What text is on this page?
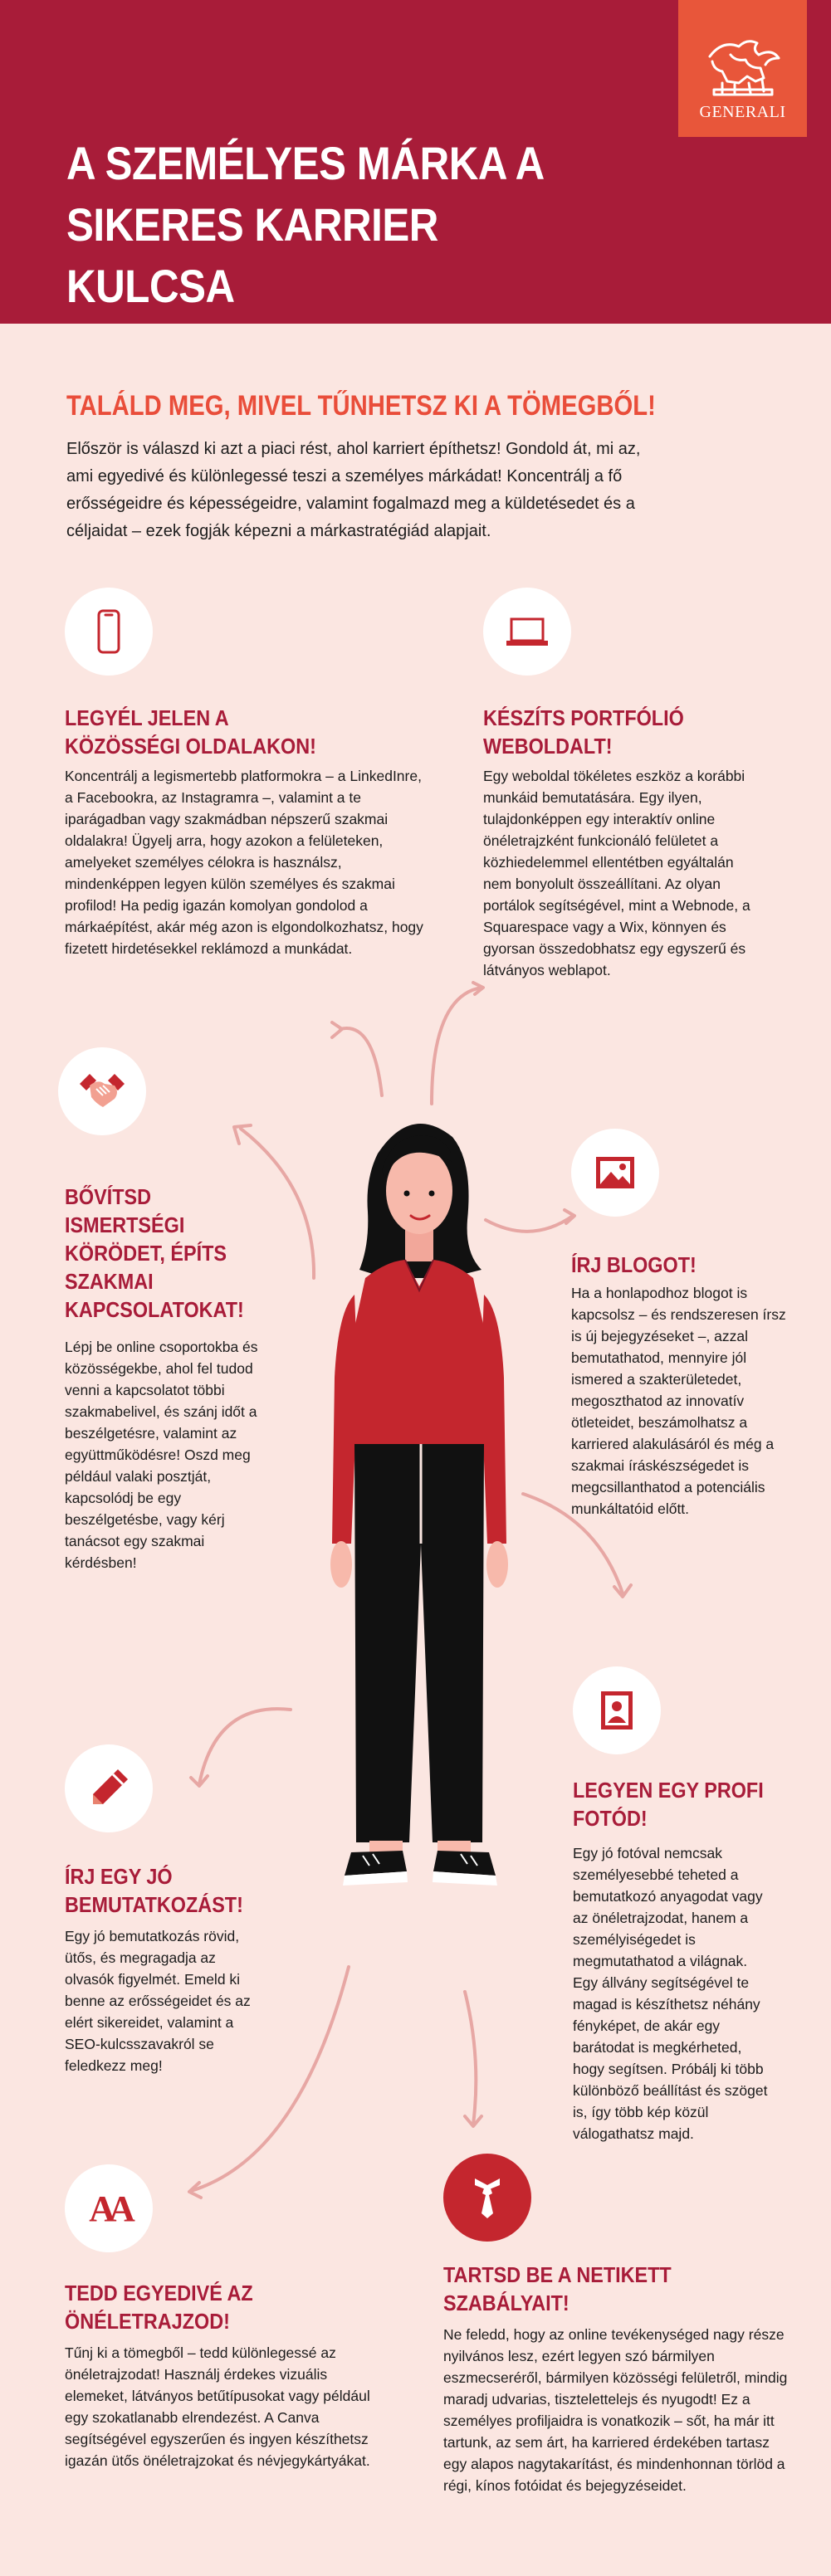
GENERALI
A SZEMÉLYES MÁRKA A
SIKERES KARRIER KULCSA
TALÁLD MEG, MIVEL TŰNHETSZ KI A TÖMEGBŐL!
Először is válaszd ki azt a piaci rést, ahol karriert építhetsz! Gondold át, mi az, ami egyedivé és különlegessé teszi a személyes márkádat! Koncentrálj a fő erősségeidre és képességeidre, valamint fogalmazd meg a küldetésedet és a céljaidat – ezek fogják képezni a márkastratégiád alapjait.
LEGYÉL JELEN A
KÖZÖSSÉGI OLDALAKON!
Koncentrálj a legismertebb platformokra – a LinkedInre, a Facebookra, az Instagramra –, valamint a te iparágadban vagy szakmádban népszerű szakmai oldalakra! Ügyelj arra, hogy azokon a felületeken, amelyeket személyes célokra is használsz, mindenképpen legyen külön személyes és szakmai profilod! Ha pedig igazán komolyan gondolod a márkaépítést, akár még azon is elgondolkozhatsz, hogy fizetett hirdetésekkel reklámozd a munkádat.
KÉSZÍTS PORTFÓLIÓ
WEBOLDALT!
Egy weboldal tökéletes eszköz a korábbi munkáid bemutatására. Egy ilyen, tulajdonképpen egy interaktív online önéletrajzként funkcionáló felületet a közhiedelemmel ellentétben egyáltalán nem bonyolult összeállítani. Az olyan portálok segítségével, mint a Webnode, a Squarespace vagy a Wix, könnyen és gyorsan összedobhatsz egy egyszerű és látványos weblapot.
BŐVÍTSD
ISMERTSÉGI
KÖRÖDET, ÉPÍTS
SZAKMAI
KAPCSOLATOKAT!
Lépj be online csoportokba és közösségekbe, ahol fel tudod venni a kapcsolatot többi szakmabelivel, és szánj időt a beszélgetésre, valamint az együttműködésre! Oszd meg például valaki posztját, kapcsolódj be egy beszélgetésbe, vagy kérj tanácsot egy szakmai kérdésben!
ÍRJ BLOGOT!
Ha a honlapodhoz blogot is kapcsolsz – és rendszeresen írsz is új bejegyzéseket –, azzal bemutathatod, mennyire jól ismered a szakterületedet, megoszthatod az innovatív ötleteidet, beszámolhatsz a karriered alakulásáról és még a szakmai íráskészségedet is megcsillanthatod a potenciális munkáltatóid előtt.
LEGYEN EGY PROFI
FOTÓD!
Egy jó fotóval nemcsak személyesebbé teheted a bemutatkozó anyagodat vagy az önéletrajzodat, hanem a személyiségedet is megmutathatod a világnak. Egy állvány segítségével te magad is készíthetsz néhány fényképet, de akár egy barátodat is megkérheted, hogy segítsen. Próbálj ki több különböző beállítást és szöget is, így több kép közül válogathatsz majd.
ÍRJ EGY JÓ
BEMUTATKOZÁST!
Egy jó bemutatkozás rövid, ütős, és megragadja az olvasók figyelmét. Emeld ki benne az erősségeidet és az elért sikereidet, valamint a SEO-kulcsszavakról se feledkezz meg!
AA
TEDD EGYEDIVÉ AZ
ÖNÉLETRAJZOD!
Tűnj ki a tömegből – tedd különlegessé az önéletrajzodat! Használj érdekes vizuális elemeket, látványos betűtípusokat vagy például egy szokatlanabb elrendezést. A Canva segítségével egyszerűen és ingyen készíthetsz igazán ütős önéletrajzokat és névjegykártyákat.
TARTSD BE A NETIKETT
SZABÁLYAIT!
Ne feledd, hogy az online tevékenységed nagy része nyilvános lesz, ezért legyen szó bármilyen eszmecseréről, bármilyen közösségi felületről, mindig maradj udvarias, tisztelettelejs és nyugodt! Ez a személyes profiljaidra is vonatkozik – sőt, ha már itt tartunk, az sem árt, ha karriered érdekében tartasz egy alapos nagytakarítást, és mindenhonnan törlöd a régi, kínos fotóidat és bejegyzéseidet.
